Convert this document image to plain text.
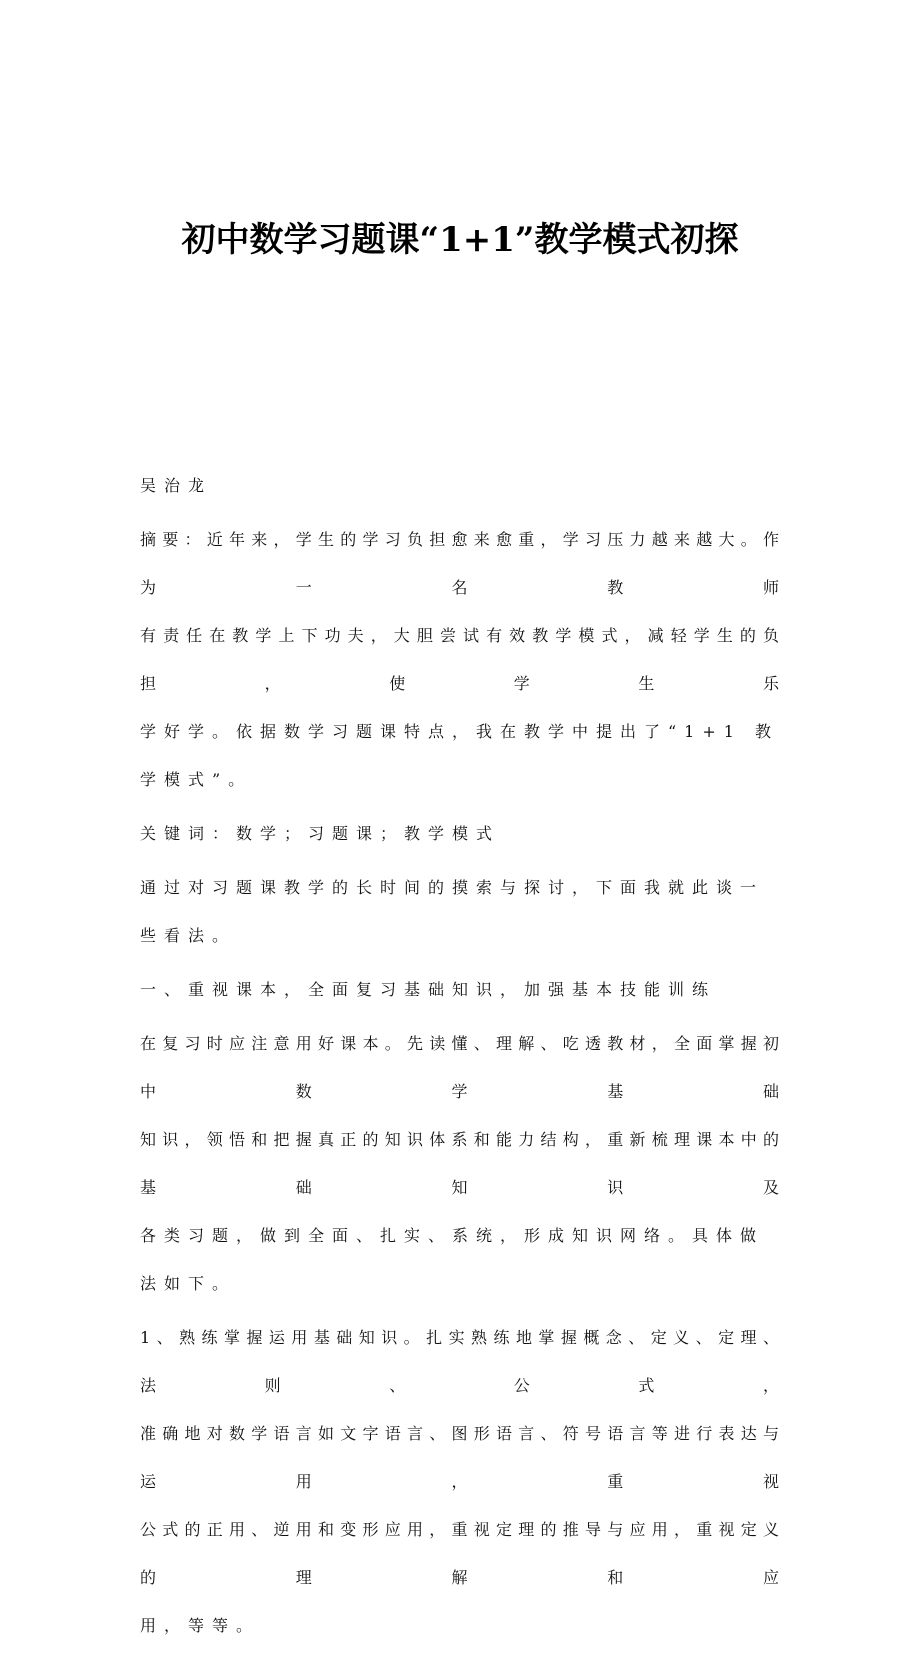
初中数学习题课“1+1”教学模式初探
吴治龙
摘要：近年来，学生的学习负担愈来愈重，学习压力越来越大。作为一名教师
有责任在教学上下功夫，大胆尝试有效教学模式，减轻学生的负担，使学生乐
学好学。依据数学习题课特点，我在教学中提出了“1+1 教学模式”。
关键词：数学；习题课；教学模式
通过对习题课教学的长时间的摸索与探讨，下面我就此谈一些看法。
一、重视课本，全面复习基础知识，加强基本技能训练
在复习时应注意用好课本。先读懂、理解、吃透教材，全面掌握初中数学基础
知识，领悟和把握真正的知识体系和能力结构，重新梳理课本中的基础知识及
各类习题，做到全面、扎实、系统，形成知识网络。具体做法如下。
1、熟练掌握运用基础知识。扎实熟练地掌握概念、定义、定理、法则、公式，
准确地对数学语言如文字语言、图形语言、符号语言等进行表达与运用，重视
公式的正用、逆用和变形应用，重视定理的推导与应用，重视定义的理解和应
用，等等。
